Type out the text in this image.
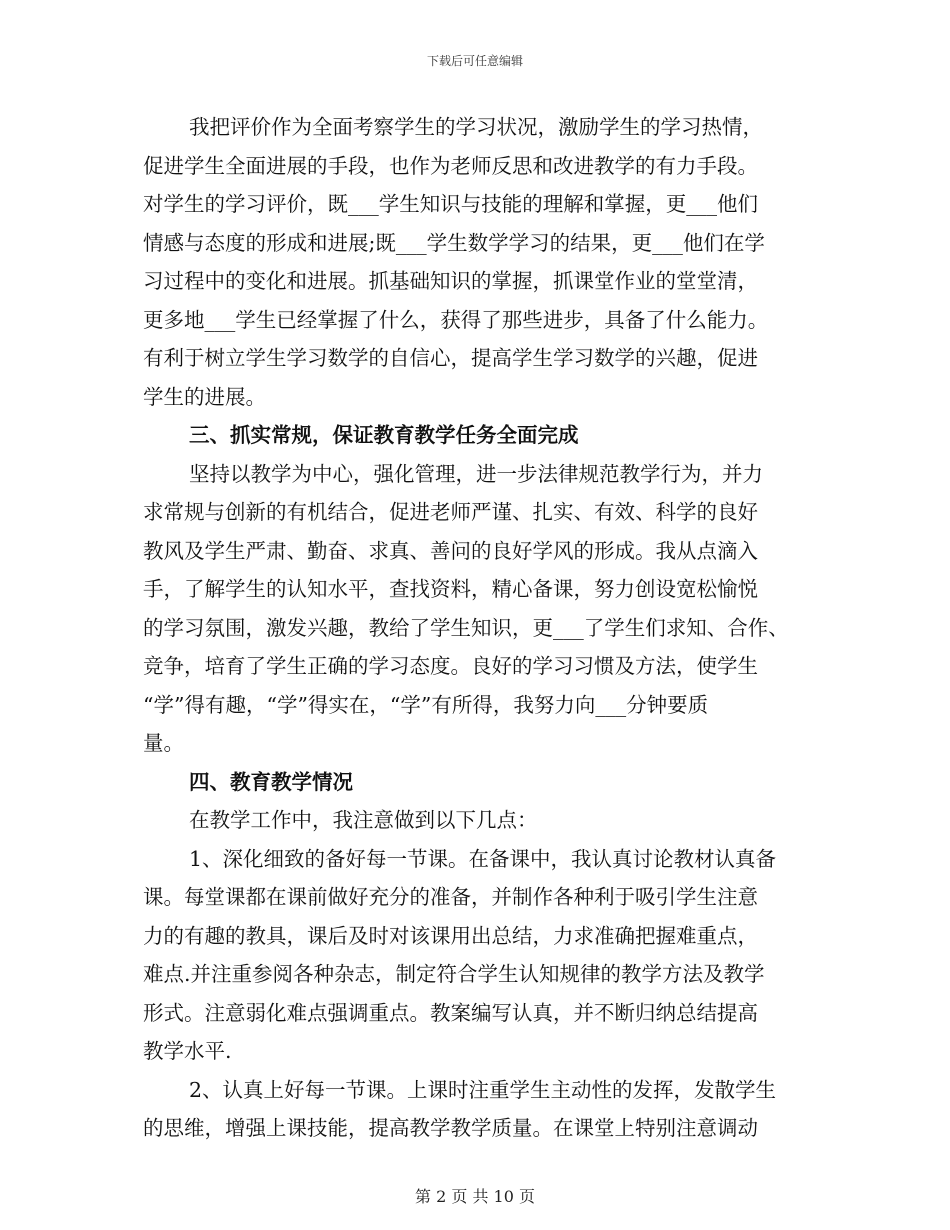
下载后可任意编辑
我把评价作为全面考察学生的学习状况，激励学生的学习热情，
促进学生全面进展的手段，也作为老师反思和改进教学的有力手段。
对学生的学习评价，既___学生知识与技能的理解和掌握，更___他们
情感与态度的形成和进展;既___学生数学学习的结果，更___他们在学
习过程中的变化和进展。抓基础知识的掌握，抓课堂作业的堂堂清，
更多地___学生已经掌握了什么，获得了那些进步，具备了什么能力。
有利于树立学生学习数学的自信心，提高学生学习数学的兴趣，促进
学生的进展。
三、抓实常规，保证教育教学任务全面完成
坚持以教学为中心，强化管理，进一步法律规范教学行为，并力
求常规与创新的有机结合，促进老师严谨、扎实、有效、科学的良好
教风及学生严肃、勤奋、求真、善问的良好学风的形成。我从点滴入
手，了解学生的认知水平，查找资料，精心备课，努力创设宽松愉悦
的学习氛围，激发兴趣，教给了学生知识，更___了学生们求知、合作、
竞争，培育了学生正确的学习态度。良好的学习习惯及方法，使学生
“学”得有趣，“学”得实在，“学”有所得，我努力向___分钟要质
量。
四、教育教学情况
在教学工作中，我注意做到以下几点：
1、深化细致的备好每一节课。在备课中，我认真讨论教材认真备
课。每堂课都在课前做好充分的准备，并制作各种利于吸引学生注意
力的有趣的教具，课后及时对该课用出总结，力求准确把握难重点，
难点.并注重参阅各种杂志，制定符合学生认知规律的教学方法及教学
形式。注意弱化难点强调重点。教案编写认真，并不断归纳总结提高
教学水平.
2、认真上好每一节课。上课时注重学生主动性的发挥，发散学生
的思维，增强上课技能，提高教学教学质量。在课堂上特别注意调动
第 2 页 共 10 页
